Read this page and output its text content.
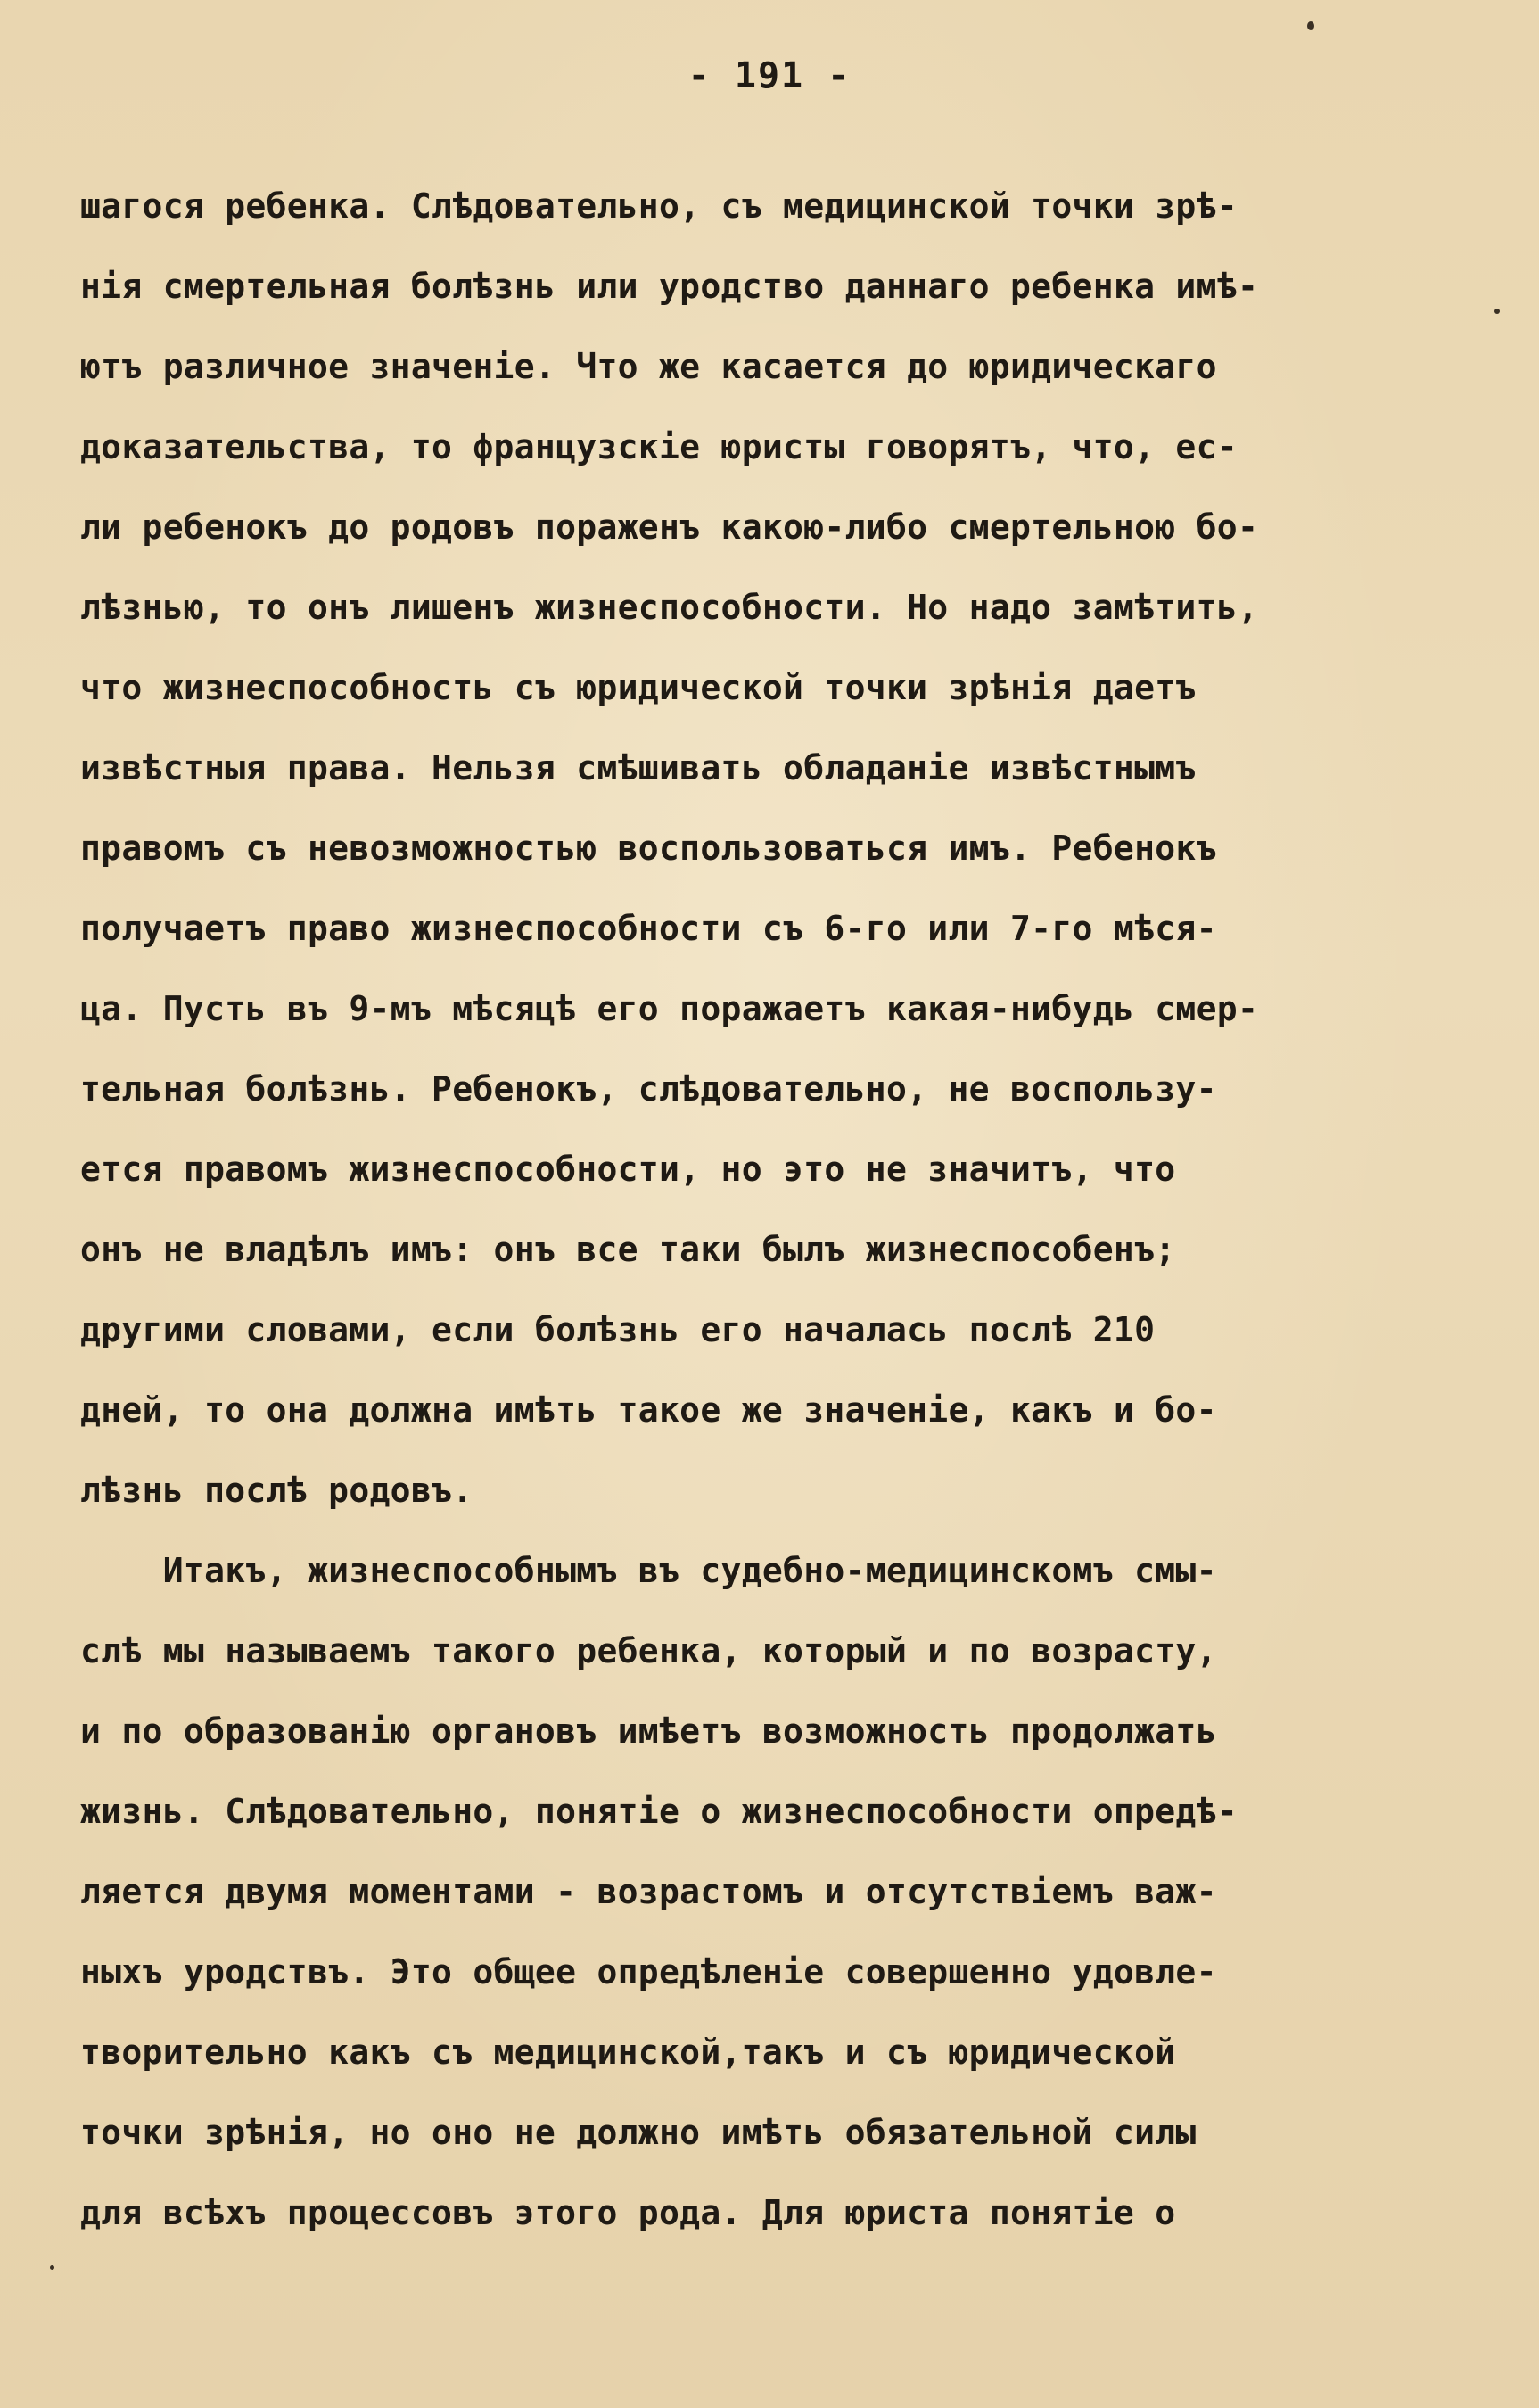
- 191 -
шагося ребенка. Слѣдовательно, съ медицинской точки зрѣ-
нія смертельная болѣзнь или уродство даннаго ребенка имѣ-
ютъ различное значеніе. Что же касается до юридическаго
доказательства, то французскіе юристы говорятъ, что, ес-
ли ребенокъ до родовъ пораженъ какою-либо смертельною бо-
лѣзнью, то онъ лишенъ жизнеспособности. Но надо замѣтить,
что жизнеспособность съ юридической точки зрѣнія даетъ
извѣстныя права. Нельзя смѣшивать обладаніе извѣстнымъ
правомъ съ невозможностью воспользоваться имъ. Ребенокъ
получаетъ право жизнеспособности съ 6-го или 7-го мѣся-
ца. Пусть въ 9-мъ мѣсяцѣ его поражаетъ какая-нибудь смер-
тельная болѣзнь. Ребенокъ, слѣдовательно, не воспользу-
ется правомъ жизнеспособности, но это не значитъ, что
онъ не владѣлъ имъ: онъ все таки былъ жизнеспособенъ;
другими словами, если болѣзнь его началась послѣ 210
дней, то она должна имѣть такое же значеніе, какъ и бо-
лѣзнь послѣ родовъ.
Итакъ, жизнеспособнымъ въ судебно-медицинскомъ смы-
слѣ мы называемъ такого ребенка, который и по возрасту,
и по образованію органовъ имѣетъ возможность продолжать
жизнь. Слѣдовательно, понятіе о жизнеспособности опредѣ-
ляется двумя моментами - возрастомъ и отсутствіемъ важ-
ныхъ уродствъ. Это общее опредѣленіе совершенно удовле-
творительно какъ съ медицинской,такъ и съ юридической
точки зрѣнія, но оно не должно имѣть обязательной силы
для всѣхъ процессовъ этого рода. Для юриста понятіе о
